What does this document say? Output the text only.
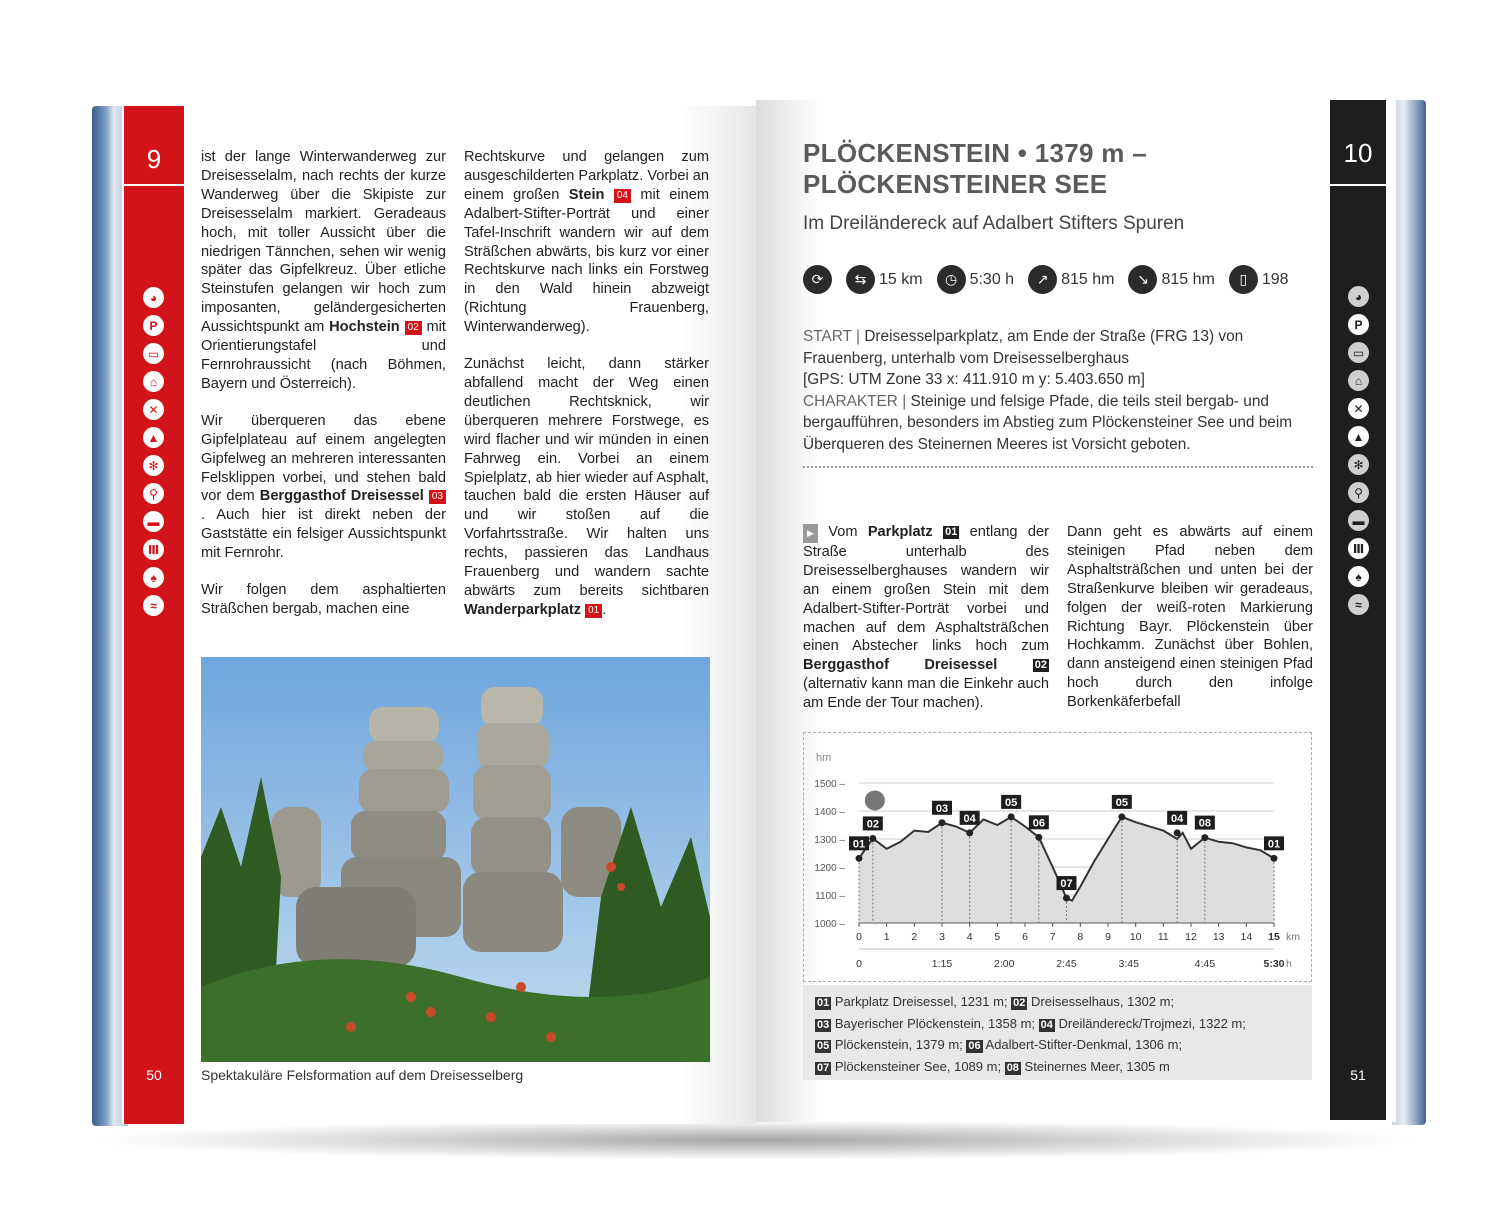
9
◕
P
▭
⌂
✕
▲
✻
⚲
▬
Ⅲ
♠
≈
50

ist der lange Winterwanderweg zur Dreisesselalm, nach rechts der kurze Wanderweg über die Skipiste zur Dreisesselalm markiert. Geradeaus hoch, mit toller Aussicht über die niedrigen Tännchen, sehen wir wenig später das Gipfelkreuz. Über etliche Steinstufen gelangen wir hoch zum imposanten, geländergesicherten Aussichtspunkt am Hochstein 02 mit Orientierungstafel und Fernrohraussicht (nach Böhmen, Bayern und Österreich).

Wir überqueren das ebene Gipfelplateau auf einem angelegten Gipfelweg an mehreren interessanten Felsklippen vorbei, und stehen bald vor dem Berggasthof Dreisessel 03. Auch hier ist direkt neben der Gaststätte ein felsiger Aussichtspunkt mit Fernrohr.

Wir folgen dem asphaltierten Sträßchen bergab, machen eine

Rechtskurve und gelangen zum ausgeschilderten Parkplatz. Vorbei an einem großen Stein 04 mit einem Adalbert-Stifter-Porträt und einer Tafel-Inschrift wandern wir auf dem Sträßchen abwärts, bis kurz vor einer Rechtskurve nach links ein Forstweg in den Wald hinein abzweigt (Richtung Frauenberg, Winterwanderweg).

Zunächst leicht, dann stärker abfallend macht der Weg einen deutlichen Rechtsknick, wir überqueren mehrere Forstwege, es wird flacher und wir münden in einen Fahrweg ein. Vorbei an einem Spielplatz, ab hier wieder auf Asphalt, tauchen bald die ersten Häuser auf und wir stoßen auf die Vorfahrtsstraße. Wir halten uns rechts, passieren das Landhaus Frauenberg und wandern sachte abwärts zum bereits sichtbaren Wanderparkplatz 01 .

Spektakuläre Felsformation auf dem Dreisesselberg
10
◕
P
▭
⌂
✕
▲
✻
⚲
▬
Ⅲ
♠
≈
51
PLÖCKENSTEIN • 1379 m –
PLÖCKENSTEINER SEE
Im Dreiländereck auf Adalbert Stifters Spuren
⟳	⇆ 15 km	◷ 5:30 h	↗ 815 hm	↘ 815 hm	▯ 198
START | Dreisesselparkplatz, am Ende der Straße (FRG 13) von Frauenberg, unterhalb vom Dreisesselberghaus
[GPS: UTM Zone 33 x: 411.910 m y: 5.403.650 m]
CHARAKTER | Steinige und felsige Pfade, die teils steil bergab- und bergaufführen, besonders im Abstieg zum Plöckensteiner See und beim Überqueren des Steinernen Meeres ist Vorsicht geboten.
▶ Vom Parkplatz 01 entlang der Straße unterhalb des Dreisesselberghauses wandern wir an einem großen Stein mit dem Adalbert-Stifter-Porträt vorbei und machen auf dem Asphaltsträßchen einen Abstecher links hoch zum Berggasthof Dreisessel	02 (alternativ kann man die Einkehr auch am Ende der Tour machen).
Dann geht es abwärts auf einem steinigen Pfad neben dem Asphaltsträßchen und unten bei der Straßenkurve bleiben wir geradeaus, folgen der weiß-roten Markierung Richtung Bayr. Plöckenstein über Hochkamm. Zunächst über Bohlen, dann ansteigend einen steinigen Pfad hoch durch den infolge Borkenkäferbefall
hm
1000 –
1100 –
1200 –
1300 –
1400 –
1500 –
0 1 2 3 4 5 6 7 8 9 10 11 12 13 14 15 km
0	1:15	2:00	2:45	3:45	4:45	5:30 h
01
02
03
04
05
06
07
05
04 08
01
01 Parkplatz Dreisessel, 1231 m; 02 Dreisesselhaus, 1302 m;
03 Bayerischer Plöckenstein, 1358 m; 04 Dreiländereck/Trojmezi, 1322 m;
05 Plöckenstein, 1379 m; 06 Adalbert-Stifter-Denkmal, 1306 m;
07 Plöckensteiner See, 1089 m; 08 Steinernes Meer, 1305 m
